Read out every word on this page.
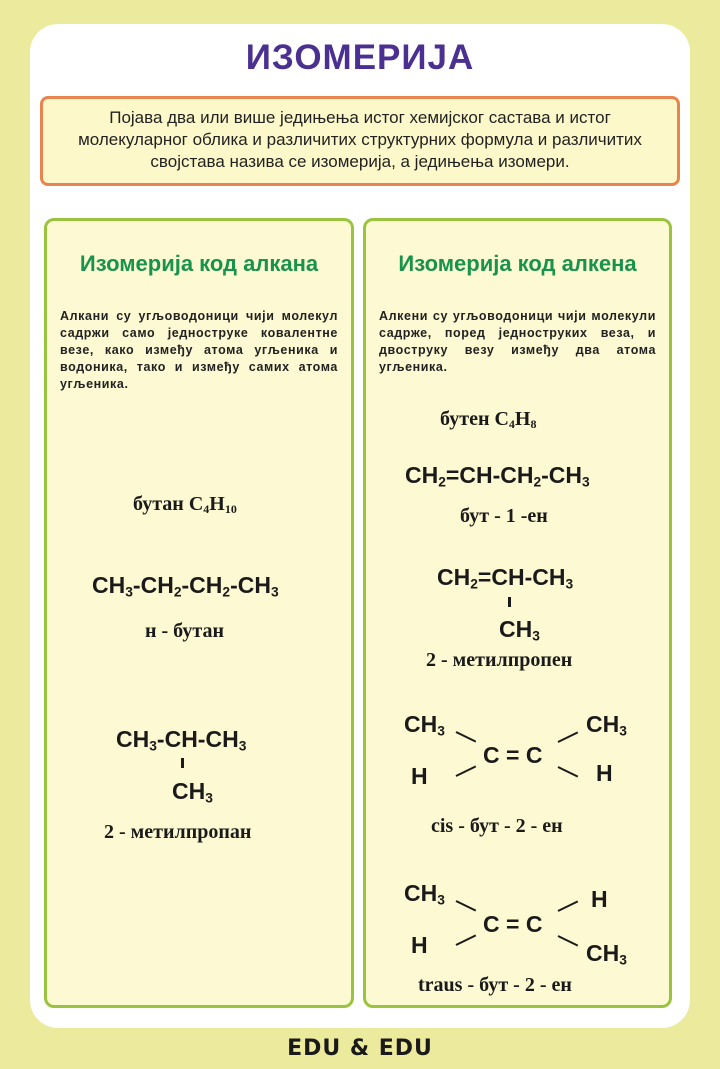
ИЗОМЕРИЈА
Појава два или више једињења истог хемијског састава и истог молекуларног облика и различитих структурних формула и различитих својстава назива се изомерија, а једињења изомери.
Изомерија код алкана
Алкани су угљоводоници чији молекул садржи само једноструке ковалентне везе, како између атома угљеника и водоника, тако и између самих атома угљеника.
бутан $C_4H_{10}$
$CH_3-CH_2-CH_2-CH_3$
н - бутан
$CH_3-CH-CH_3$
$CH_3$
2 - метилпропан
Изомерија код алкена
Алкени су угљоводоници чији молекули садрже, поред једноструких веза, и двоструку везу између два атома угљеника.
бутен $C_4H_8$
$CH_2=CH-CH_2-CH_3$
бут - 1 -ен
$CH_2=CH-CH_3$
$CH_3$
2 - метилпропен
$CH_3$
H
C = C
$CH_3$
H
cis - бут - 2 - ен
$CH_3$
H
C = C
H
$CH_3$
traus - бут - 2 - ен
EDU & EDU
